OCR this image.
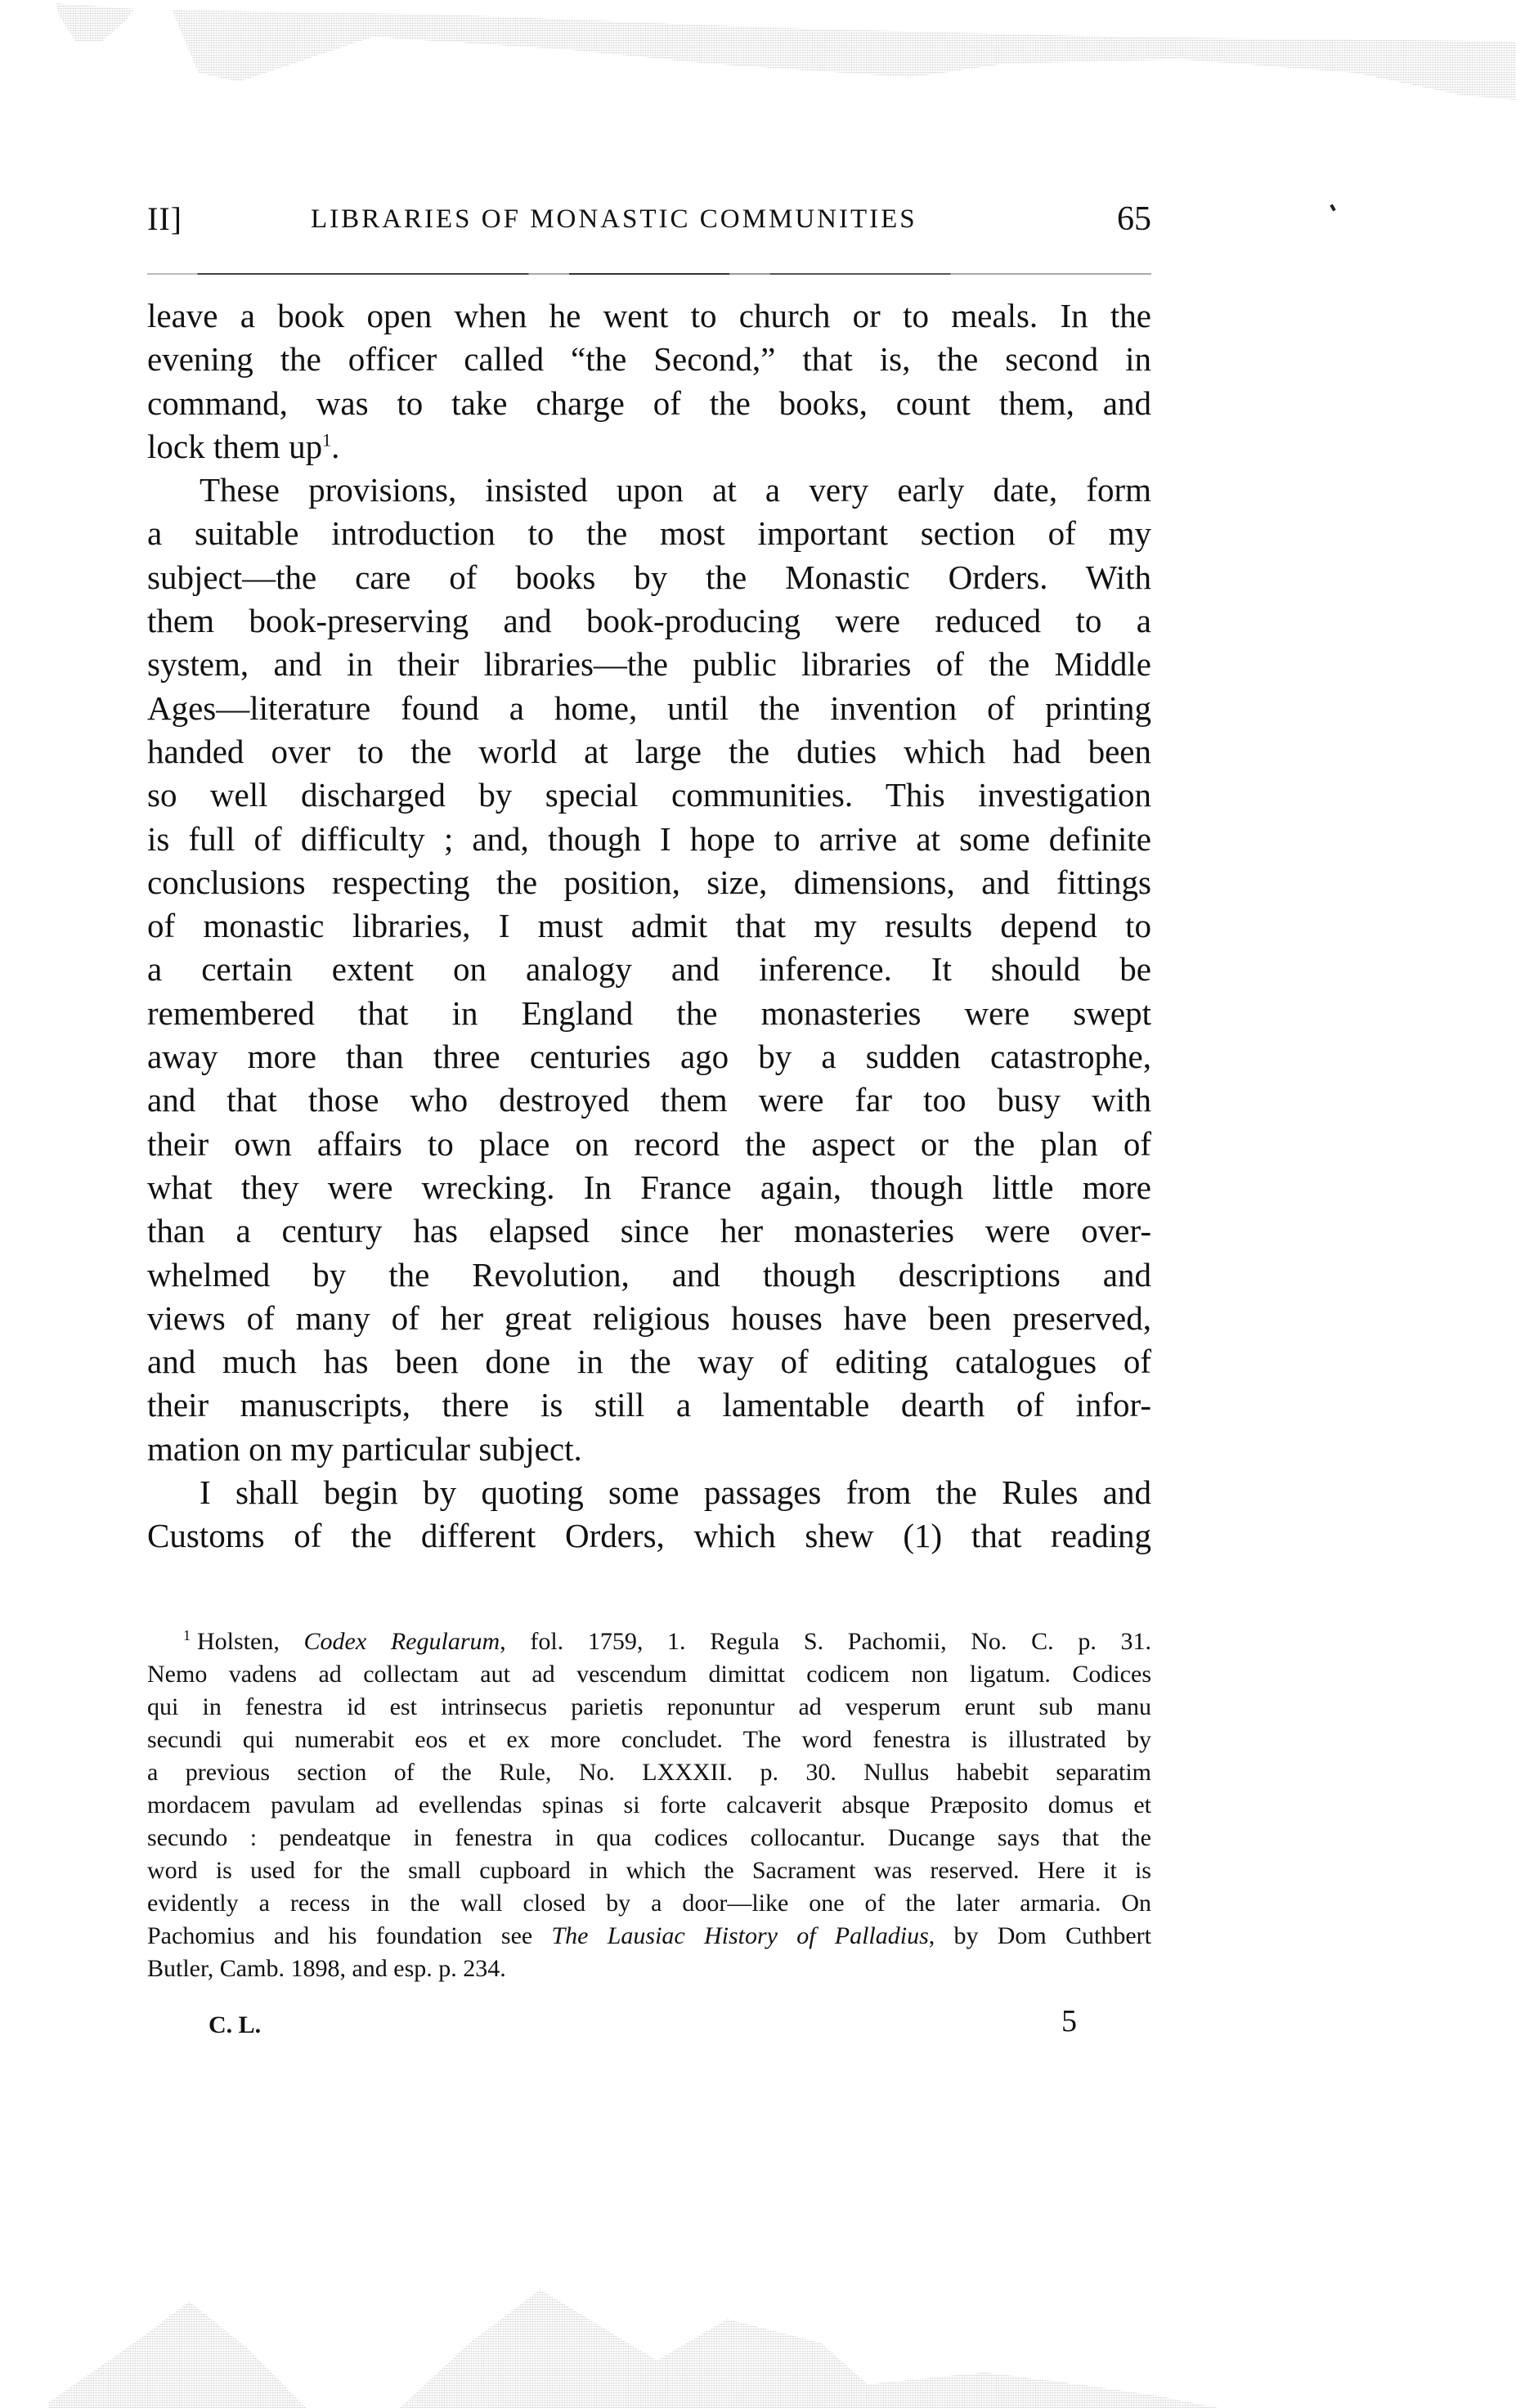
II]	LIBRARIES OF MONASTIC COMMUNITIES	65
leave a book open when he went to church or to meals. In the
evening the officer called “the Second,” that is, the second in
command, was to take charge of the books, count them, and
lock them up$^1$.
These provisions, insisted upon at a very early date, form
a suitable introduction to the most important section of my
subject—the care of books by the Monastic Orders. With
them book-preserving and book-producing were reduced to a
system, and in their libraries—the public libraries of the Middle
Ages—literature found a home, until the invention of printing
handed over to the world at large the duties which had been
so well discharged by special communities. This investigation
is full of difficulty ; and, though I hope to arrive at some definite
conclusions respecting the position, size, dimensions, and fittings
of monastic libraries, I must admit that my results depend to
a certain extent on analogy and inference. It should be
remembered that in England the monasteries were swept
away more than three centuries ago by a sudden catastrophe,
and that those who destroyed them were far too busy with
their own affairs to place on record the aspect or the plan of
what they were wrecking. In France again, though little more
than a century has elapsed since her monasteries were over-
whelmed by the Revolution, and though descriptions and
views of many of her great religious houses have been preserved,
and much has been done in the way of editing catalogues of
their manuscripts, there is still a lamentable dearth of infor-
mation on my particular subject.
I shall begin by quoting some passages from the Rules and
Customs of the different Orders, which shew (1) that reading
$^1$ Holsten, Codex Regularum, fol. 1759, 1. Regula S. Pachomii, No. C. p. 31.
Nemo vadens ad collectam aut ad vescendum dimittat codicem non ligatum. Codices
qui in fenestra id est intrinsecus parietis reponuntur ad vesperum erunt sub manu
secundi qui numerabit eos et ex more concludet. The word fenestra is illustrated by
a previous section of the Rule, No. LXXXII. p. 30. Nullus habebit separatim
mordacem pavulam ad evellendas spinas si forte calcaverit absque Præposito domus et
secundo : pendeatque in fenestra in qua codices collocantur. Ducange says that the
word is used for the small cupboard in which the Sacrament was reserved. Here it is
evidently a recess in the wall closed by a door—like one of the later armaria. On
Pachomius and his foundation see The Lausiac History of Palladius, by Dom Cuthbert
Butler, Camb. 1898, and esp. p. 234.
C. L.	5
